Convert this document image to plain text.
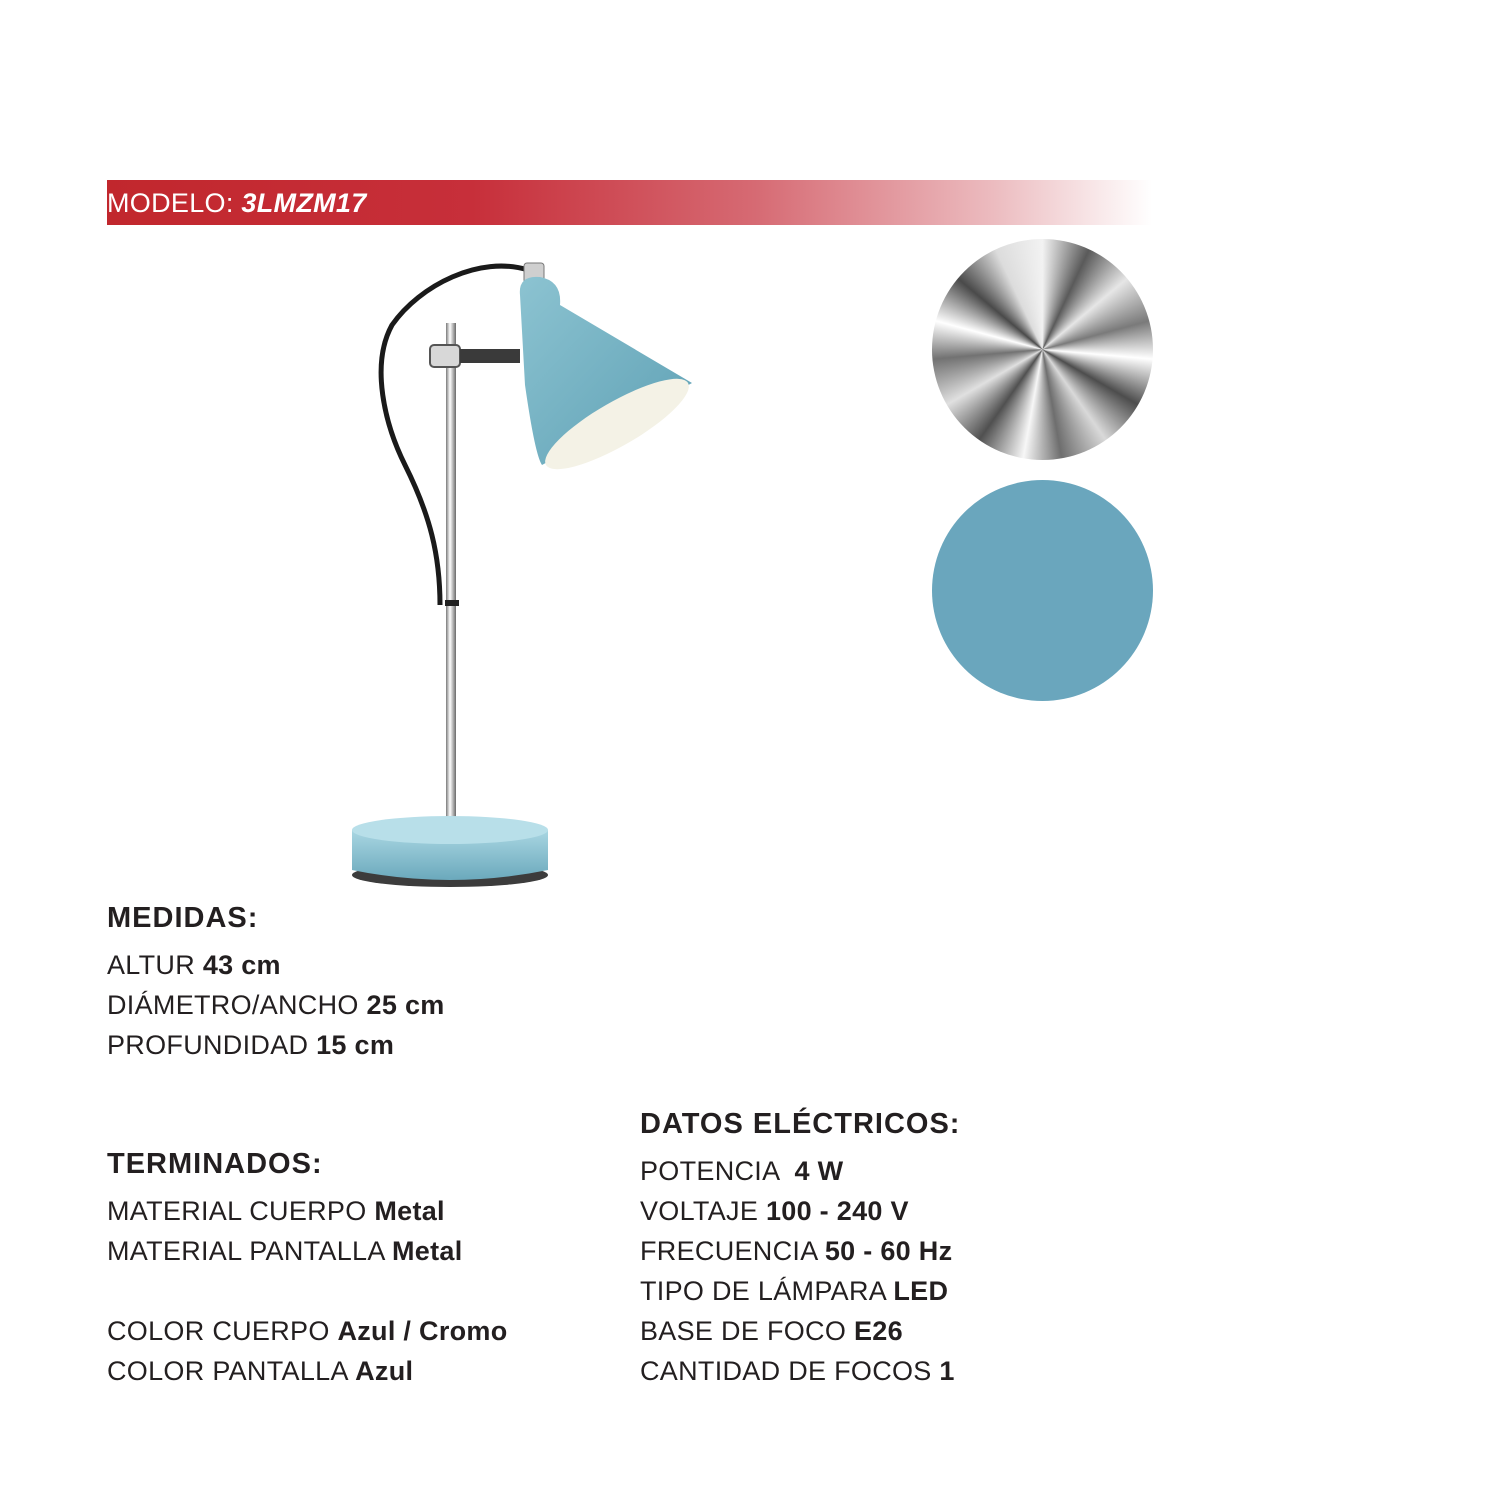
MODELO: 3LMZM17
MEDIDAS:
ALTUR 43 cm
DIÁMETRO/ANCHO 25 cm
PROFUNDIDAD 15 cm
TERMINADOS:
MATERIAL CUERPO Metal
MATERIAL PANTALLA Metal
COLOR CUERPO Azul / Cromo
COLOR PANTALLA Azul
DATOS ELÉCTRICOS:
POTENCIA  4 W
VOLTAJE 100 - 240 V
FRECUENCIA 50 - 60 Hz
TIPO DE LÁMPARA LED
BASE DE FOCO E26
CANTIDAD DE FOCOS 1
